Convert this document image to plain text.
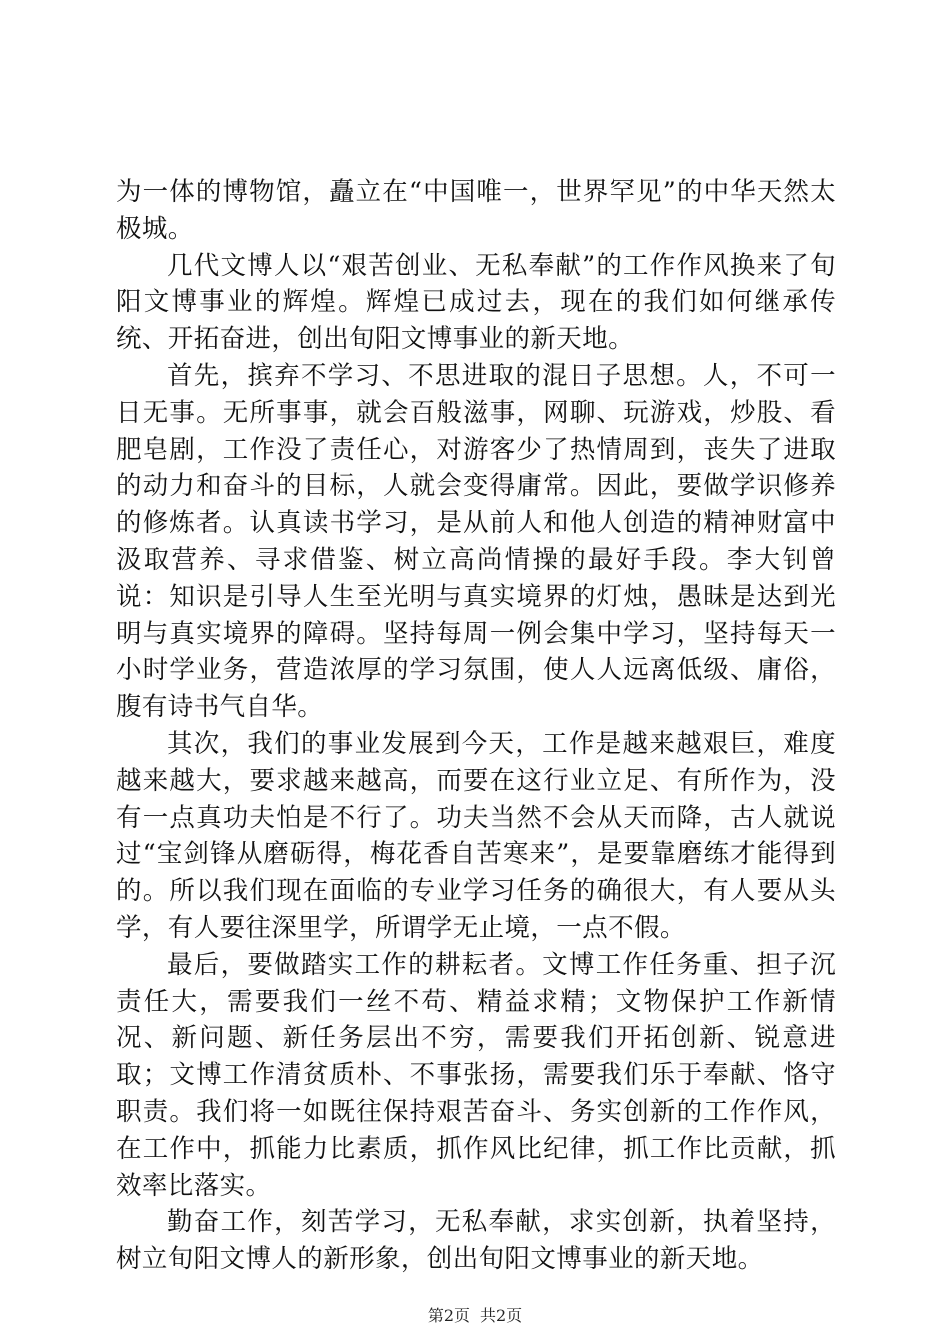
为一体的博物馆，矗立在“中国唯一，世界罕见”的中华天然太极城。

几代文博人以“艰苦创业、无私奉献”的工作作风换来了旬阳文博事业的辉煌。辉煌已成过去，现在的我们如何继承传统、开拓奋进，创出旬阳文博事业的新天地。

首先，摈弃不学习、不思进取的混日子思想。人，不可一日无事。无所事事，就会百般滋事，网聊、玩游戏，炒股、看肥皂剧，工作没了责任心，对游客少了热情周到，丧失了进取的动力和奋斗的目标，人就会变得庸常。因此，要做学识修养的修炼者。认真读书学习，是从前人和他人创造的精神财富中汲取营养、寻求借鉴、树立高尚情操的最好手段。李大钊曾说：知识是引导人生至光明与真实境界的灯烛，愚昧是达到光明与真实境界的障碍。坚持每周一例会集中学习，坚持每天一小时学业务，营造浓厚的学习氛围，使人人远离低级、庸俗，腹有诗书气自华。

其次，我们的事业发展到今天，工作是越来越艰巨，难度越来越大，要求越来越高，而要在这行业立足、有所作为，没有一点真功夫怕是不行了。功夫当然不会从天而降，古人就说过“宝剑锋从磨砺得，梅花香自苦寒来”，是要靠磨练才能得到的。所以我们现在面临的专业学习任务的确很大，有人要从头学，有人要往深里学，所谓学无止境，一点不假。

最后，要做踏实工作的耕耘者。文博工作任务重、担子沉责任大，需要我们一丝不苟、精益求精；文物保护工作新情况、新问题、新任务层出不穷，需要我们开拓创新、锐意进取；文博工作清贫质朴、不事张扬，需要我们乐于奉献、恪守职责。我们将一如既往保持艰苦奋斗、务实创新的工作作风，在工作中，抓能力比素质，抓作风比纪律，抓工作比贡献，抓效率比落实。

勤奋工作，刻苦学习，无私奉献，求实创新，执着坚持，树立旬阳文博人的新形象，创出旬阳文博事业的新天地。

第2页 共2页
